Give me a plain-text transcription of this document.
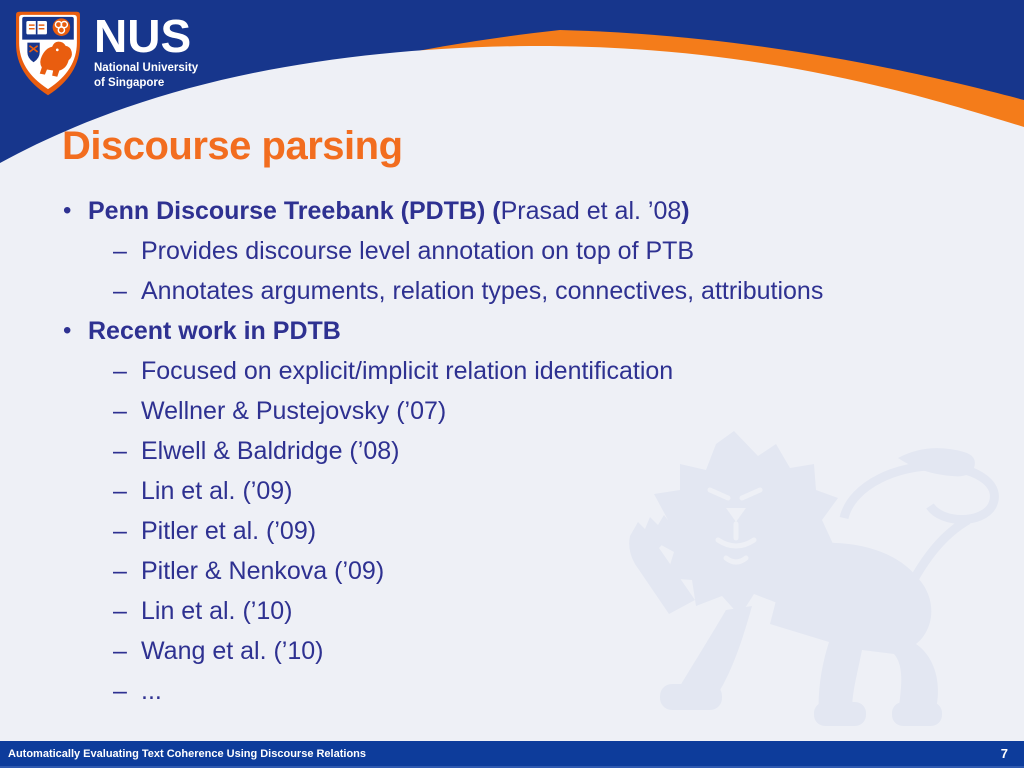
NUS
National University
of Singapore
Discourse parsing
• Penn Discourse Treebank (PDTB) (Prasad et al. ’08)
– Provides discourse level annotation on top of PTB
– Annotates arguments, relation types, connectives, attributions
• Recent work in PDTB
– Focused on explicit/implicit relation identification
– Wellner & Pustejovsky (’07)
– Elwell & Baldridge (’08)
– Lin et al. (’09)
– Pitler et al. (’09)
– Pitler & Nenkova (’09)
– Lin et al. (’10)
– Wang et al. (’10)
– ...
Automatically Evaluating Text Coherence Using Discourse Relations	7
